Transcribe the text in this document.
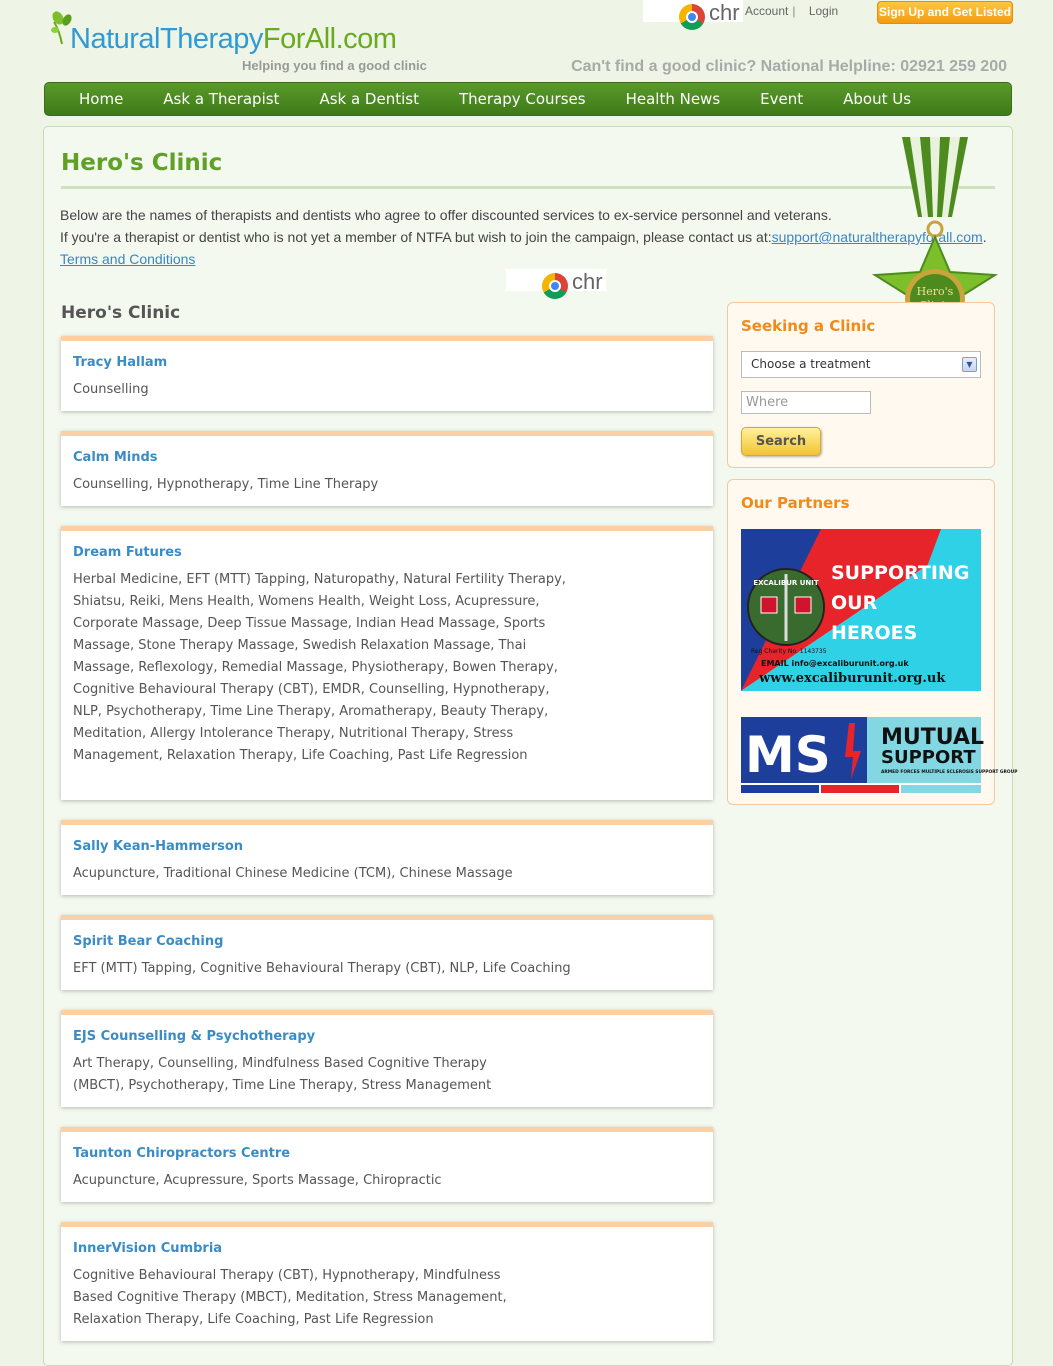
NaturalTherapyForAll.com
Helping you find a good clinic
chr Account | Login	Sign Up and Get Listed
Can't find a good clinic? National Helpline: 02921 259 200
Home	Ask a Therapist	Ask a Dentist	Therapy Courses	Health News	Event	About Us
Hero's Clinic
Below are the names of therapists and dentists who agree to offer discounted services to ex-service personnel and veterans.
If you're a therapist or dentist who is not yet a member of NTFA but wish to join the campaign, please contact us at:support@naturaltherapyforall.com.
Terms and Conditions
chr	Hero's
Hero's Clinic
Tracy Hallam
Counselling
Calm Minds
Counselling, Hypnotherapy, Time Line Therapy
Dream Futures
Herbal Medicine, EFT (MTT) Tapping, Naturopathy, Natural Fertility Therapy, Shiatsu, Reiki, Mens Health, Womens Health, Weight Loss, Acupressure, Corporate Massage, Deep Tissue Massage, Indian Head Massage, Sports Massage, Stone Therapy Massage, Swedish Relaxation Massage, Thai Massage, Reflexology, Remedial Massage, Physiotherapy, Bowen Therapy, Cognitive Behavioural Therapy (CBT), EMDR, Counselling, Hypnotherapy, NLP, Psychotherapy, Time Line Therapy, Aromatherapy, Beauty Therapy, Meditation, Allergy Intolerance Therapy, Nutritional Therapy, Stress Management, Relaxation Therapy, Life Coaching, Past Life Regression
Sally Kean-Hammerson
Acupuncture, Traditional Chinese Medicine (TCM), Chinese Massage
Spirit Bear Coaching
EFT (MTT) Tapping, Cognitive Behavioural Therapy (CBT), NLP, Life Coaching
EJS Counselling & Psychotherapy
Art Therapy, Counselling, Mindfulness Based Cognitive Therapy (MBCT), Psychotherapy, Time Line Therapy, Stress Management
Taunton Chiropractors Centre
Acupuncture, Acupressure, Sports Massage, Chiropractic
InnerVision Cumbria
Cognitive Behavioural Therapy (CBT), Hypnotherapy, Mindfulness Based Cognitive Therapy (MBCT), Meditation, Stress Management, Relaxation Therapy, Life Coaching, Past Life Regression
Seeking a Clinic
Choose a treatment	▼
Where
Search
Our Partners
EXCALIBUR UNIT SUPPORTING
OUR
HEROES
Reg Charity No. 1143735
EMAIL info@excaliburunit.org.uk
www.excaliburunit.org.uk
MS MUTUAL
SUPPORT
ARMED FORCES MULTIPLE SCLEROSIS SUPPORT GROUP
